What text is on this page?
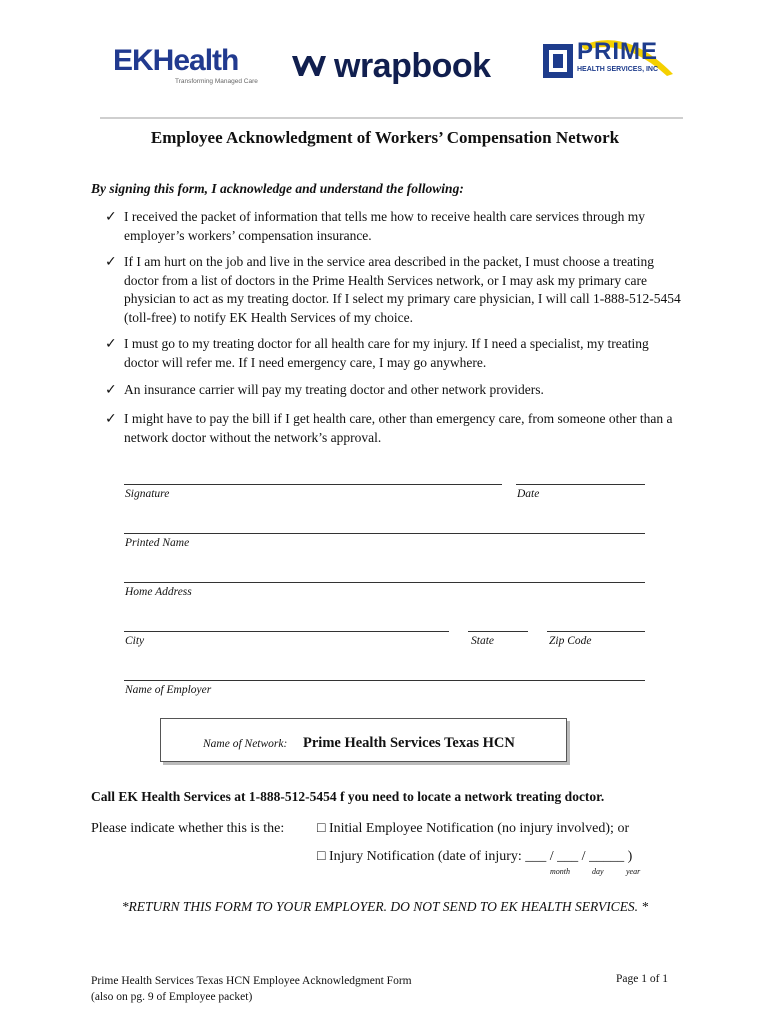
EKHealth
Transforming Managed Care	wrapbook	PRIME
HEALTH SERVICES, INC
Employee Acknowledgment of Workers’ Compensation Network
By signing this form, I acknowledge and understand the following:
✓ I received the packet of information that tells me how to receive health care services through my employer’s workers’ compensation insurance.
✓ If I am hurt on the job and live in the service area described in the packet, I must choose a treating doctor from a list of doctors in the Prime Health Services network, or I may ask my primary care physician to act as my treating doctor. If I select my primary care physician, I will call 1-888-512-5454 (toll-free) to notify EK Health Services of my choice.
✓ I must go to my treating doctor for all health care for my injury. If I need a specialist, my treating doctor will refer me. If I need emergency care, I may go anywhere.
✓ An insurance carrier will pay my treating doctor and other network providers.
✓ I might have to pay the bill if I get health care, other than emergency care, from someone other than a network doctor without the network’s approval.
Signature	Date
Printed Name
Home Address
City	State	Zip Code
Name of Employer
Name of Network: Prime Health Services Texas HCN
Call EK Health Services at 1-888-512-5454 f you need to locate a network treating doctor.
Please indicate whether this is the: □ Initial Employee Notification (no injury involved); or
□ Injury Notification (date of injury: ___ / ___ / _____ )
month	day	year
*RETURN THIS FORM TO YOUR EMPLOYER. DO NOT SEND TO EK HEALTH SERVICES. *
Prime Health Services Texas HCN Employee Acknowledgment Form
(also on pg. 9 of Employee packet)
Page 1 of 1
